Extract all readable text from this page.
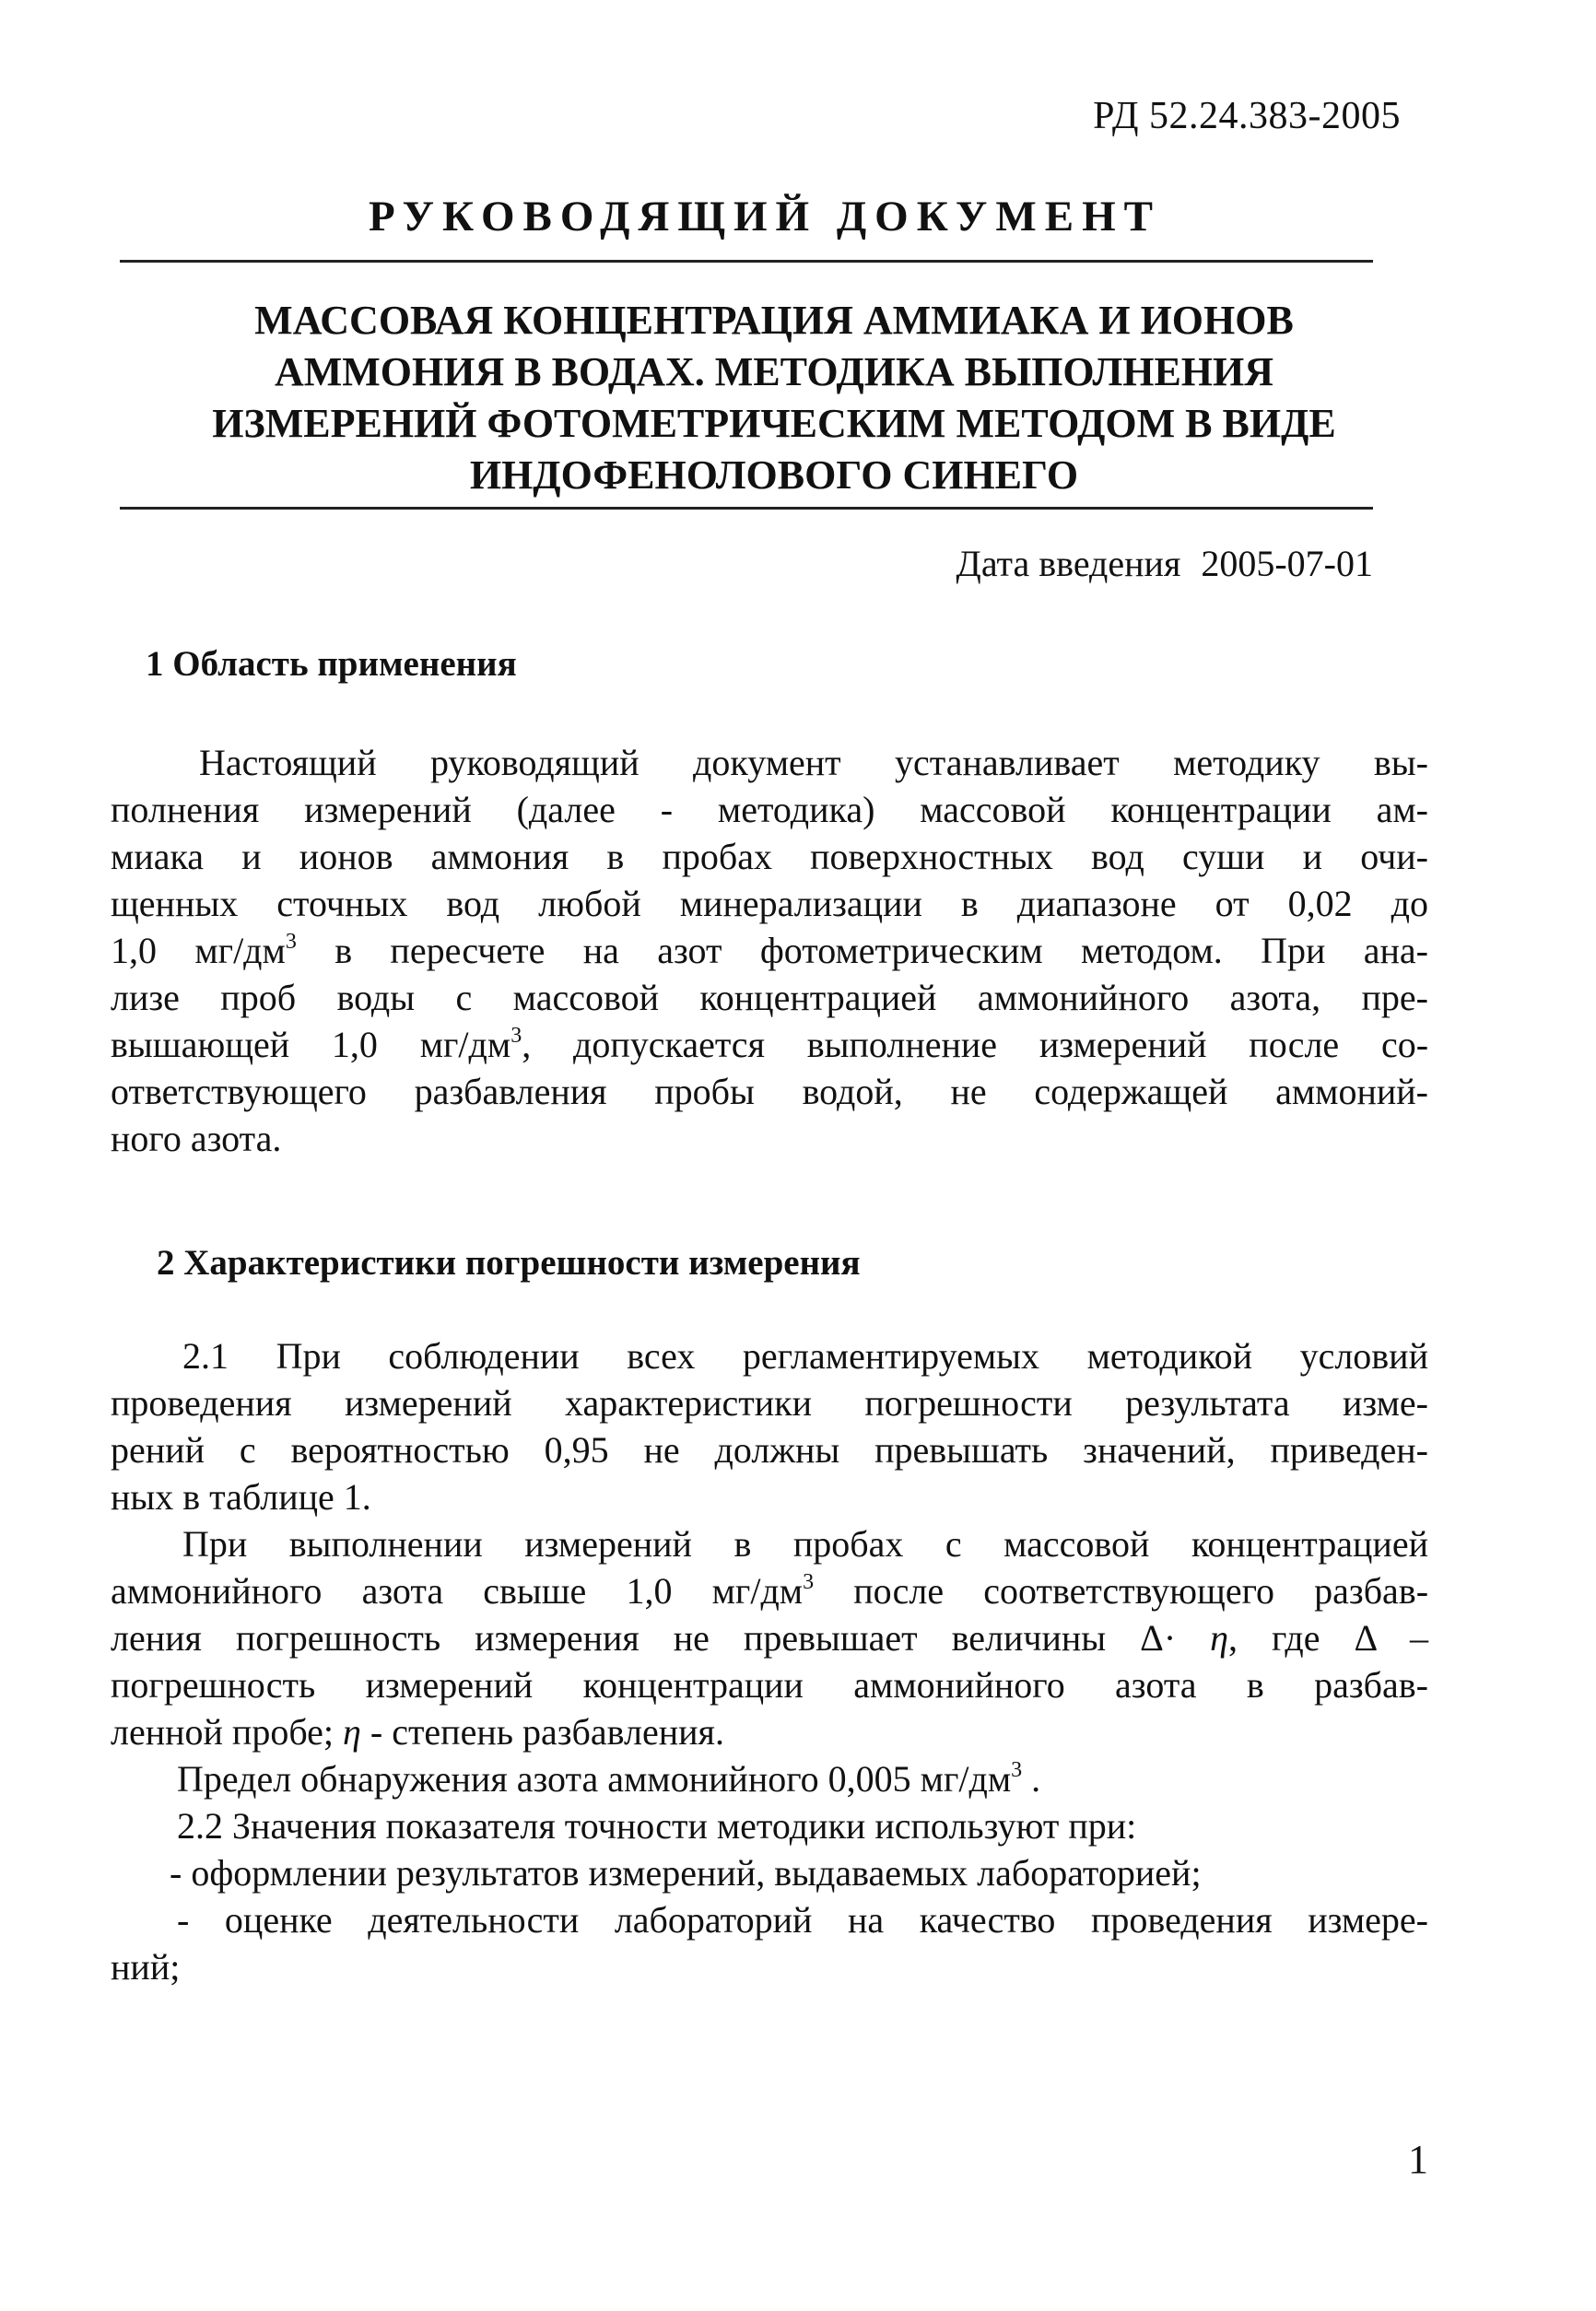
РД 52.24.383-2005
РУКОВОДЯЩИЙ ДОКУМЕНТ
МАССОВАЯ КОНЦЕНТРАЦИЯ АММИАКА И ИОНОВ
АММОНИЯ В ВОДАХ. МЕТОДИКА ВЫПОЛНЕНИЯ
ИЗМЕРЕНИЙ ФОТОМЕТРИЧЕСКИМ МЕТОДОМ В ВИДЕ
ИНДОФЕНОЛОВОГО СИНЕГО
Дата введения 2005-07-01
1 Область применения
Настоящий руководящий документ устанавливает методику вы-
полнения измерений (далее - методика) массовой концентрации ам-
миака и ионов аммония в пробах поверхностных вод суши и очи-
щенных сточных вод любой минерализации в диапазоне от 0,02 до
1,0 $мг/дм^3$ в пересчете на азот фотометрическим методом. При ана-
лизе проб воды с массовой концентрацией аммонийного азота, пре-
вышающей 1,0 $мг/дм^3$, допускается выполнение измерений после со-
ответствующего разбавления пробы водой, не содержащей аммоний-
ного азота.
2 Характеристики погрешности измерения
2.1 При соблюдении всех регламентируемых методикой условий
проведения измерений характеристики погрешности результата изме-
рений с вероятностью 0,95 не должны превышать значений, приведен-
ных в таблице 1.
При выполнении измерений в пробах с массовой концентрацией
аммонийного азота свыше 1,0 $мг/дм^3$ после соответствующего разбав-
ления погрешность измерения не превышает величины Δ· η, где Δ –
погрешность измерений концентрации аммонийного азота в разбав-
ленной пробе; η - степень разбавления.
Предел обнаружения азота аммонийного 0,005 $мг/дм^3$ .
2.2 Значения показателя точности методики используют при:
- оформлении результатов измерений, выдаваемых лабораторией;
- оценке деятельности лабораторий на качество проведения измере-
ний;
1
